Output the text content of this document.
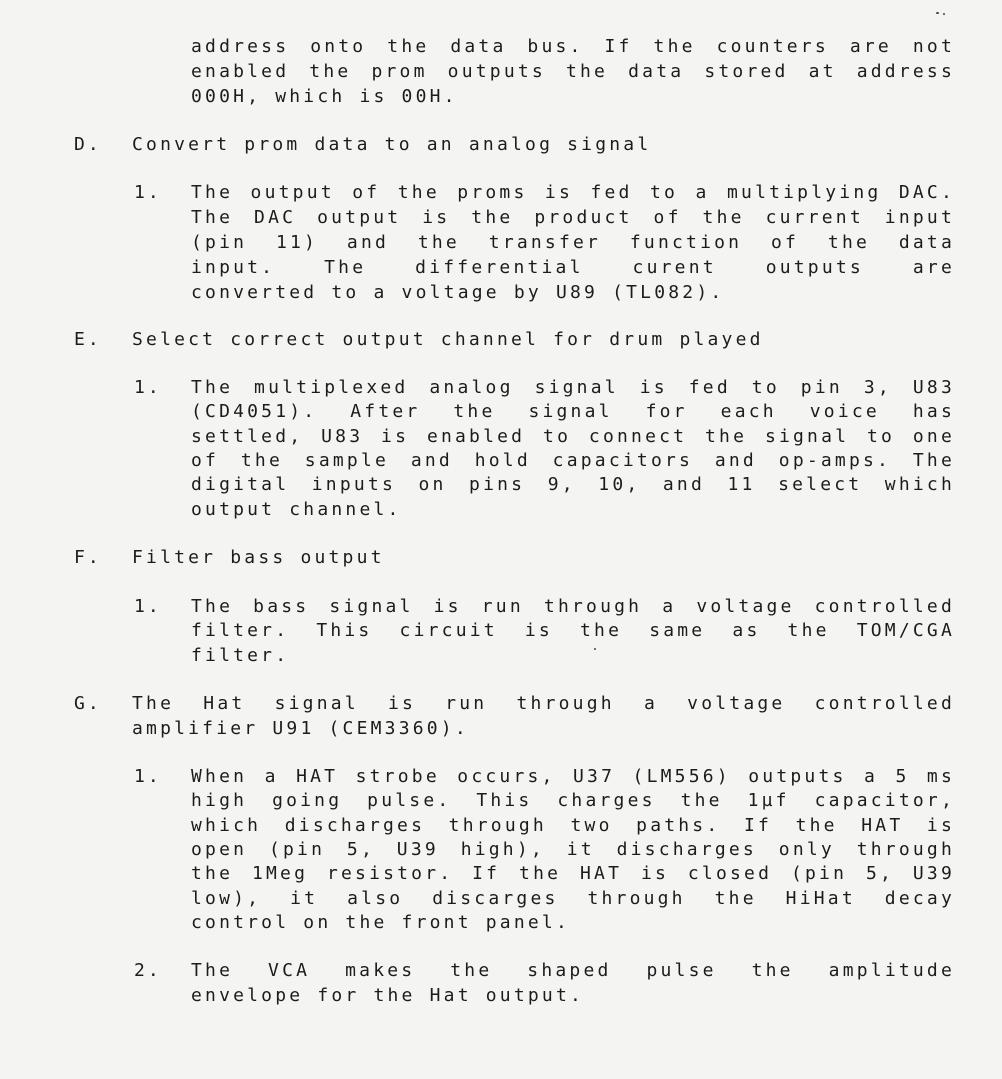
address onto the data bus. If the counters are not
enabled the prom outputs the data stored at address
000H, which is 00H.
D. Convert prom data to an analog signal
1. The output of the proms is fed to a multiplying DAC.
The DAC output is the product of the current input
(pin 11) and the transfer function of the data
input. The differential curent outputs are
converted to a voltage by U89 (TL082).
E. Select correct output channel for drum played
1. The multiplexed analog signal is fed to pin 3, U83
(CD4051). After the signal for each voice has
settled, U83 is enabled to connect the signal to one
of the sample and hold capacitors and op-amps. The
digital inputs on pins 9, 10, and 11 select which
output channel.
F. Filter bass output
1. The bass signal is run through a voltage controlled
filter. This circuit is the same as the TOM/CGA
filter.
G. The Hat signal is run through a voltage controlled
amplifier U91 (CEM3360).
1. When a HAT strobe occurs, U37 (LM556) outputs a 5 ms
high going pulse. This charges the 1µf capacitor,
which discharges through two paths. If the HAT is
open (pin 5, U39 high), it discharges only through
the 1Meg resistor. If the HAT is closed (pin 5, U39
low), it also discarges through the HiHat decay
control on the front panel.
2. The VCA makes the shaped pulse the amplitude
envelope for the Hat output.
